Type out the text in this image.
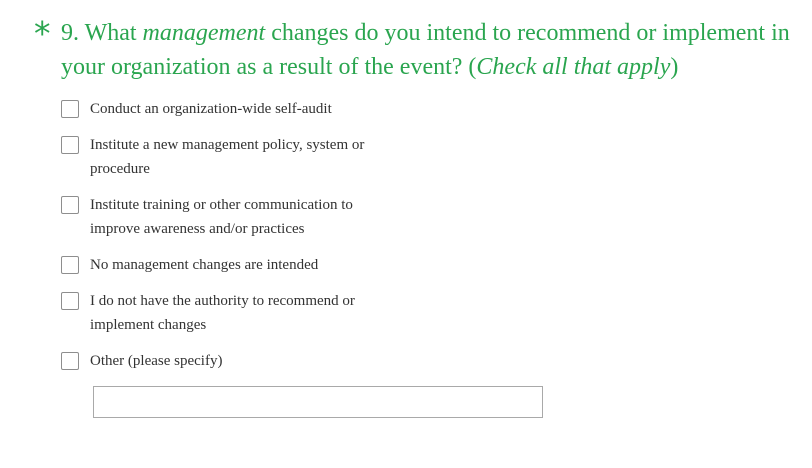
* 9. What management changes do you intend to recommend or implement in your organization as a result of the event? (Check all that apply)
Conduct an organization-wide self-audit
Institute a new management policy, system or procedure
Institute training or other communication to improve awareness and/or practices
No management changes are intended
I do not have the authority to recommend or implement changes
Other (please specify)
